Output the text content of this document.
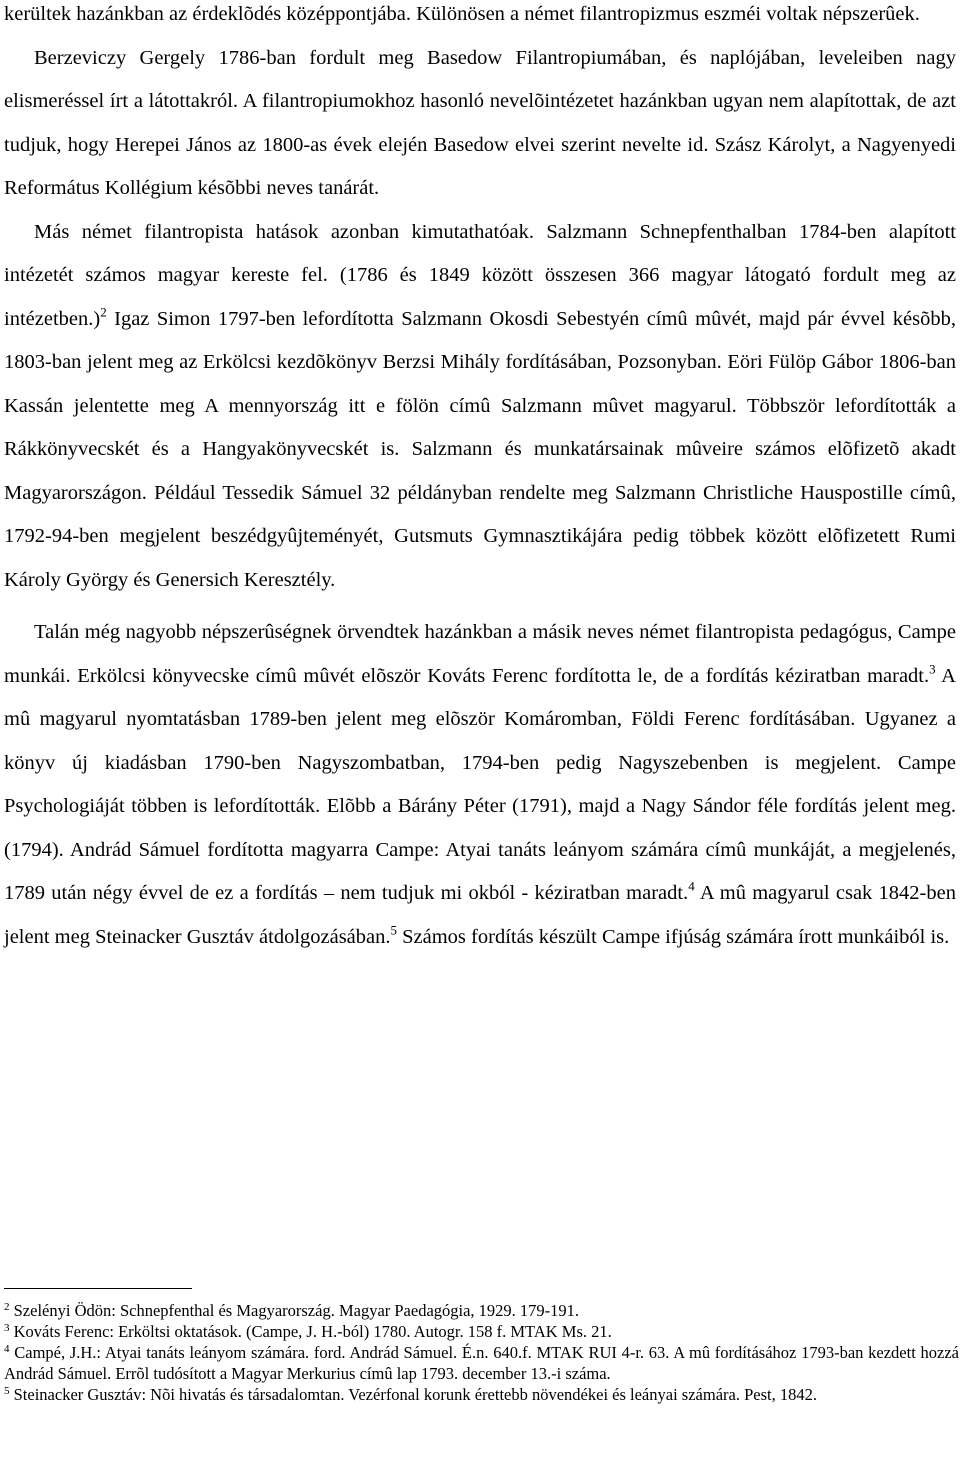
kerültek hazánkban az érdeklõdés középpontjába. Különösen a német filantropizmus eszméi voltak népszerûek.

Berzeviczy Gergely 1786-ban fordult meg Basedow Filantropiumában, és naplójában, leveleiben nagy elismeréssel írt a látottakról. A filantropiumokhoz hasonló nevelõintézetet hazánkban ugyan nem alapítottak, de azt tudjuk, hogy Herepei János az 1800-as évek elején Basedow elvei szerint nevelte id. Szász Károlyt, a Nagyenyedi Református Kollégium késõbbi neves tanárát.

Más német filantropista hatások azonban kimutathatóak. Salzmann Schnepfenthalban 1784-ben alapított intézetét számos magyar kereste fel. (1786 és 1849 között összesen 366 magyar látogató fordult meg az intézetben.)$^2$ Igaz Simon 1797-ben lefordította Salzmann Okosdi Sebestyén címû mûvét, majd pár évvel késõbb, 1803-ban jelent meg az Erkölcsi kezdõkönyv Berzsi Mihály fordításában, Pozsonyban. Eöri Fülöp Gábor 1806-ban Kassán jelentette meg A mennyország itt e fölön címû Salzmann mûvet magyarul. Többször lefordították a Rákkönyvecskét és a Hangyakönyvecskét is. Salzmann és munkatársainak mûveire számos elõfizetõ akadt Magyarországon. Például Tessedik Sámuel 32 példányban rendelte meg Salzmann Christliche Hauspostille címû, 1792-94-ben megjelent beszédgyûjteményét, Gutsmuts Gymnasztikájára pedig többek között elõfizetett Rumi Károly György és Genersich Keresztély.

Talán még nagyobb népszerûségnek örvendtek hazánkban a másik neves német filantropista pedagógus, Campe munkái. Erkölcsi könyvecske címû mûvét elõször Kováts Ferenc fordította le, de a fordítás kéziratban maradt.$^3$ A mû magyarul nyomtatásban 1789-ben jelent meg elõször Komáromban, Földi Ferenc fordításában. Ugyanez a könyv új kiadásban 1790-ben Nagyszombatban, 1794-ben pedig Nagyszebenben is megjelent. Campe Psychologiáját többen is lefordították. Elõbb a Bárány Péter (1791), majd a Nagy Sándor féle fordítás jelent meg. (1794). Andrád Sámuel fordította magyarra Campe: Atyai tanáts leányom számára címû munkáját, a megjelenés, 1789 után négy évvel de ez a fordítás – nem tudjuk mi okból - kéziratban maradt.$^4$ A mû magyarul csak 1842-ben jelent meg Steinacker Gusztáv átdolgozásában.$^5$ Számos fordítás készült Campe ifjúság számára írott munkáiból is.

$^2$ Szelényi Ödön: Schnepfenthal és Magyarország. Magyar Paedagógia, 1929. 179-191.

$^3$ Kováts Ferenc: Erköltsi oktatások. (Campe, J. H.-ból) 1780. Autogr. 158 f. MTAK Ms. 21.

$^4$ Campé, J.H.: Atyai tanáts leányom számára. ford. Andrád Sámuel. É.n. 640.f. MTAK RUI 4-r. 63. A mû fordításához 1793-ban kezdett hozzá Andrád Sámuel. Errõl tudósított a Magyar Merkurius címû lap 1793. december 13.-i száma.

$^5$ Steinacker Gusztáv: Nõi hivatás és társadalomtan. Vezérfonal korunk érettebb növendékei és leányai számára. Pest, 1842.
